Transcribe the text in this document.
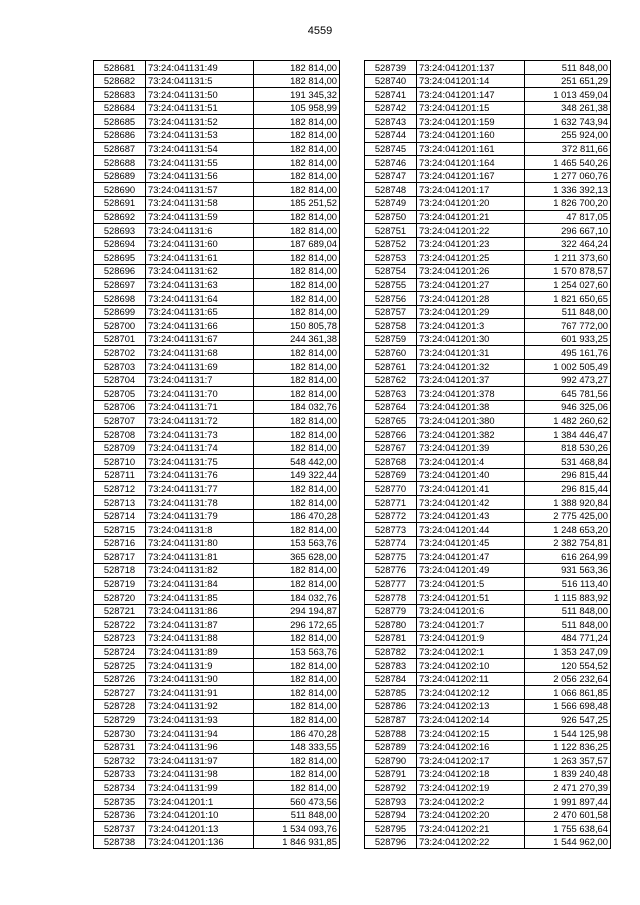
4559
528681	73:24:041131:49	182 814,00
528682	73:24:041131:5	182 814,00
528683	73:24:041131:50	191 345,32
528684	73:24:041131:51	105 958,99
528685	73:24:041131:52	182 814,00
528686	73:24:041131:53	182 814,00
528687	73:24:041131:54	182 814,00
528688	73:24:041131:55	182 814,00
528689	73:24:041131:56	182 814,00
528690	73:24:041131:57	182 814,00
528691	73:24:041131:58	185 251,52
528692	73:24:041131:59	182 814,00
528693	73:24:041131:6	182 814,00
528694	73:24:041131:60	187 689,04
528695	73:24:041131:61	182 814,00
528696	73:24:041131:62	182 814,00
528697	73:24:041131:63	182 814,00
528698	73:24:041131:64	182 814,00
528699	73:24:041131:65	182 814,00
528700	73:24:041131:66	150 805,78
528701	73:24:041131:67	244 361,38
528702	73:24:041131:68	182 814,00
528703	73:24:041131:69	182 814,00
528704	73:24:041131:7	182 814,00
528705	73:24:041131:70	182 814,00
528706	73:24:041131:71	184 032,76
528707	73:24:041131:72	182 814,00
528708	73:24:041131:73	182 814,00
528709	73:24:041131:74	182 814,00
528710	73:24:041131:75	548 442,00
528711	73:24:041131:76	149 322,44
528712	73:24:041131:77	182 814,00
528713	73:24:041131:78	182 814,00
528714	73:24:041131:79	186 470,28
528715	73:24:041131:8	182 814,00
528716	73:24:041131:80	153 563,76
528717	73:24:041131:81	365 628,00
528718	73:24:041131:82	182 814,00
528719	73:24:041131:84	182 814,00
528720	73:24:041131:85	184 032,76
528721	73:24:041131:86	294 194,87
528722	73:24:041131:87	296 172,65
528723	73:24:041131:88	182 814,00
528724	73:24:041131:89	153 563,76
528725	73:24:041131:9	182 814,00
528726	73:24:041131:90	182 814,00
528727	73:24:041131:91	182 814,00
528728	73:24:041131:92	182 814,00
528729	73:24:041131:93	182 814,00
528730	73:24:041131:94	186 470,28
528731	73:24:041131:96	148 333,55
528732	73:24:041131:97	182 814,00
528733	73:24:041131:98	182 814,00
528734	73:24:041131:99	182 814,00
528735	73:24:041201:1	560 473,56
528736	73:24:041201:10	511 848,00
528737	73:24:041201:13	1 534 093,76
528738	73:24:041201:136	1 846 931,85
528739	73:24:041201:137	511 848,00
528740	73:24:041201:14	251 651,29
528741	73:24:041201:147	1 013 459,04
528742	73:24:041201:15	348 261,38
528743	73:24:041201:159	1 632 743,94
528744	73:24:041201:160	255 924,00
528745	73:24:041201:161	372 811,66
528746	73:24:041201:164	1 465 540,26
528747	73:24:041201:167	1 277 060,76
528748	73:24:041201:17	1 336 392,13
528749	73:24:041201:20	1 826 700,20
528750	73:24:041201:21	47 817,05
528751	73:24:041201:22	296 667,10
528752	73:24:041201:23	322 464,24
528753	73:24:041201:25	1 211 373,60
528754	73:24:041201:26	1 570 878,57
528755	73:24:041201:27	1 254 027,60
528756	73:24:041201:28	1 821 650,65
528757	73:24:041201:29	511 848,00
528758	73:24:041201:3	767 772,00
528759	73:24:041201:30	601 933,25
528760	73:24:041201:31	495 161,76
528761	73:24:041201:32	1 002 505,49
528762	73:24:041201:37	992 473,27
528763	73:24:041201:378	645 781,56
528764	73:24:041201:38	946 325,06
528765	73:24:041201:380	1 482 260,62
528766	73:24:041201:382	1 384 446,47
528767	73:24:041201:39	818 530,26
528768	73:24:041201:4	531 468,84
528769	73:24:041201:40	296 815,44
528770	73:24:041201:41	296 815,44
528771	73:24:041201:42	1 388 920,84
528772	73:24:041201:43	2 775 425,00
528773	73:24:041201:44	1 248 653,20
528774	73:24:041201:45	2 382 754,81
528775	73:24:041201:47	616 264,99
528776	73:24:041201:49	931 563,36
528777	73:24:041201:5	516 113,40
528778	73:24:041201:51	1 115 883,92
528779	73:24:041201:6	511 848,00
528780	73:24:041201:7	511 848,00
528781	73:24:041201:9	484 771,24
528782	73:24:041202:1	1 353 247,09
528783	73:24:041202:10	120 554,52
528784	73:24:041202:11	2 056 232,64
528785	73:24:041202:12	1 066 861,85
528786	73:24:041202:13	1 566 698,48
528787	73:24:041202:14	926 547,25
528788	73:24:041202:15	1 544 125,98
528789	73:24:041202:16	1 122 836,25
528790	73:24:041202:17	1 263 357,57
528791	73:24:041202:18	1 839 240,48
528792	73:24:041202:19	2 471 270,39
528793	73:24:041202:2	1 991 897,44
528794	73:24:041202:20	2 470 601,58
528795	73:24:041202:21	1 755 638,64
528796	73:24:041202:22	1 544 962,00
